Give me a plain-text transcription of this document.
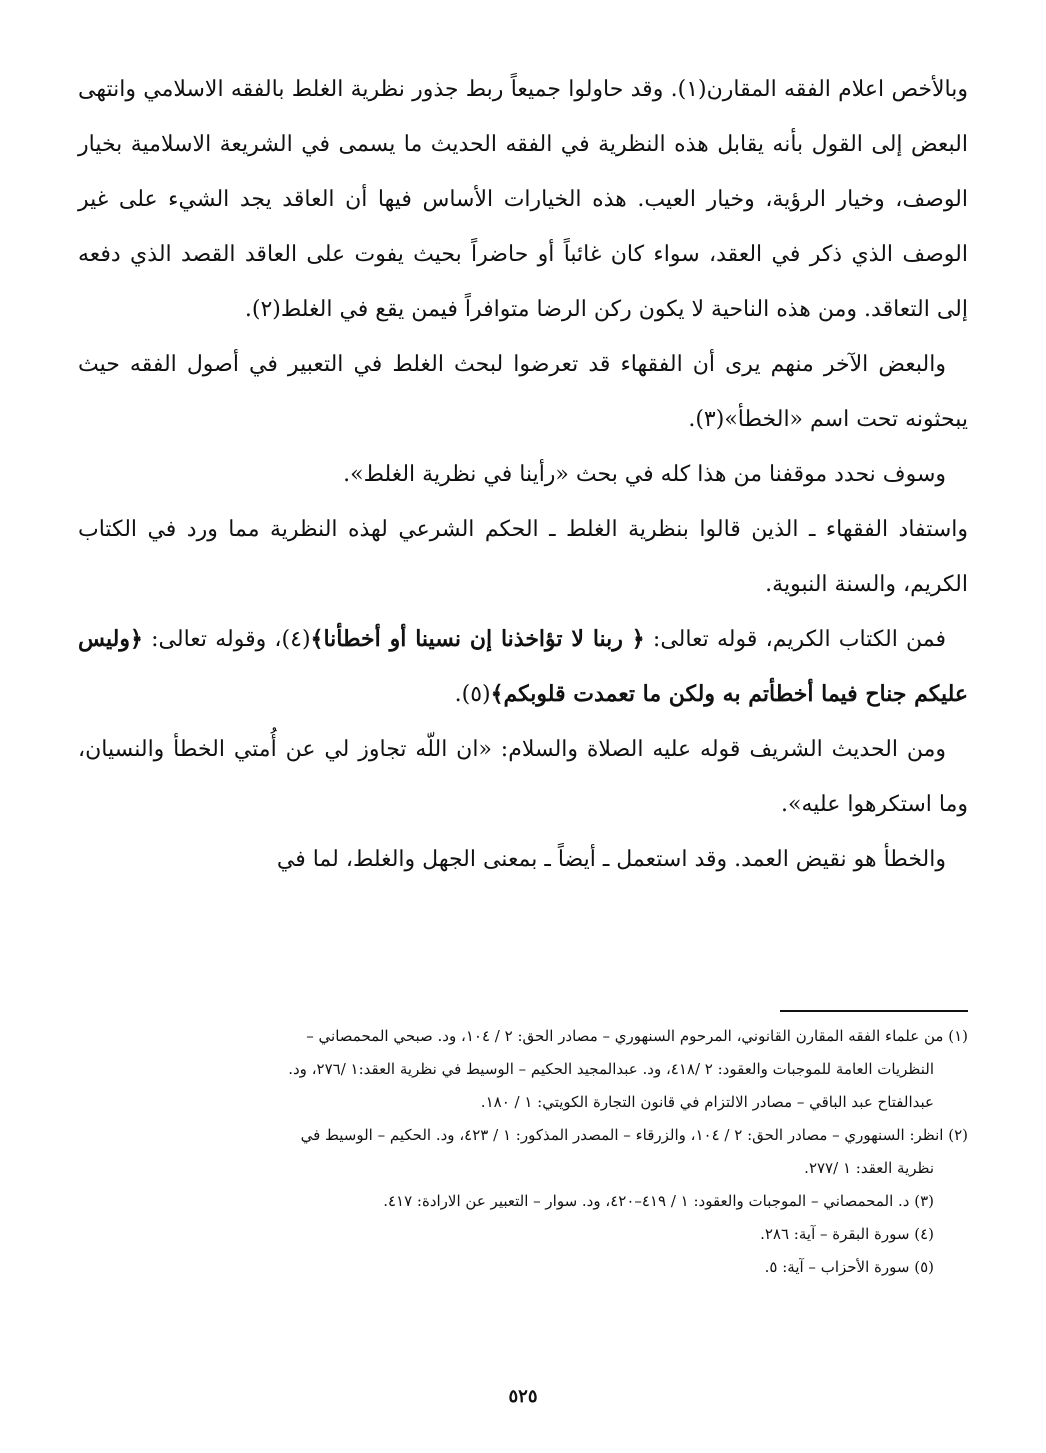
وبالأخص اعلام الفقه المقارن(١). وقد حاولوا جميعاً ربط جذور نظرية الغلط بالفقه الاسلامي وانتهى البعض إلى القول بأنه يقابل هذه النظرية في الفقه الحديث ما يسمى في الشريعة الاسلامية بخيار الوصف، وخيار الرؤية، وخيار العيب. هذه الخيارات الأساس فيها أن العاقد يجد الشيء على غير الوصف الذي ذكر في العقد، سواء كان غائباً أو حاضراً بحيث يفوت على العاقد القصد الذي دفعه إلى التعاقد. ومن هذه الناحية لا يكون ركن الرضا متوافراً فيمن يقع في الغلط(٢).

والبعض الآخر منهم يرى أن الفقهاء قد تعرضوا لبحث الغلط في التعبير في أصول الفقه حيث يبحثونه تحت اسم «الخطأ»(٣).

وسوف نحدد موقفنا من هذا كله في بحث «رأينا في نظرية الغلط».

واستفاد الفقهاء ـ الذين قالوا بنظرية الغلط ـ الحكم الشرعي لهذه النظرية مما ورد في الكتاب الكريم، والسنة النبوية.

فمن الكتاب الكريم، قوله تعالى: ﴿ ربنا لا تؤاخذنا إن نسينا أو أخطأنا﴾(٤)، وقوله تعالى: ﴿وليس عليكم جناح فيما أخطأتم به ولكن ما تعمدت قلوبكم﴾(٥).

ومن الحديث الشريف قوله عليه الصلاة والسلام: «ان اللّه تجاوز لي عن أُمتي الخطأ والنسيان، وما استكرهوا عليه».

والخطأ هو نقيض العمد. وقد استعمل ـ أيضاً ـ بمعنى الجهل والغلط، لما في

(١) من علماء الفقه المقارن القانوني، المرحوم السنهوري – مصادر الحق: ٢ / ١٠٤، ود. صبحي المحمصاني –

النظريات العامة للموجبات والعقود: ٢ /٤١٨، ود. عبدالمجيد الحكيم – الوسيط في نظرية العقد:١ /٢٧٦، ود.

عبدالفتاح عبد الباقي – مصادر الالتزام في قانون التجارة الكويتي: ١ / ١٨٠.

(٢) انظر: السنهوري – مصادر الحق: ٢ / ١٠٤، والزرقاء – المصدر المذكور: ١ / ٤٢٣، ود. الحكيم – الوسيط في

نظرية العقد: ١ /٢٧٧.

(٣) د. المحمصاني – الموجبات والعقود: ١ / ٤١٩–٤٢٠، ود. سوار – التعبير عن الارادة: ٤١٧.

(٤) سورة البقرة – آية: ٢٨٦.

(٥) سورة الأحزاب – آية: ٥.

٥٢٥
